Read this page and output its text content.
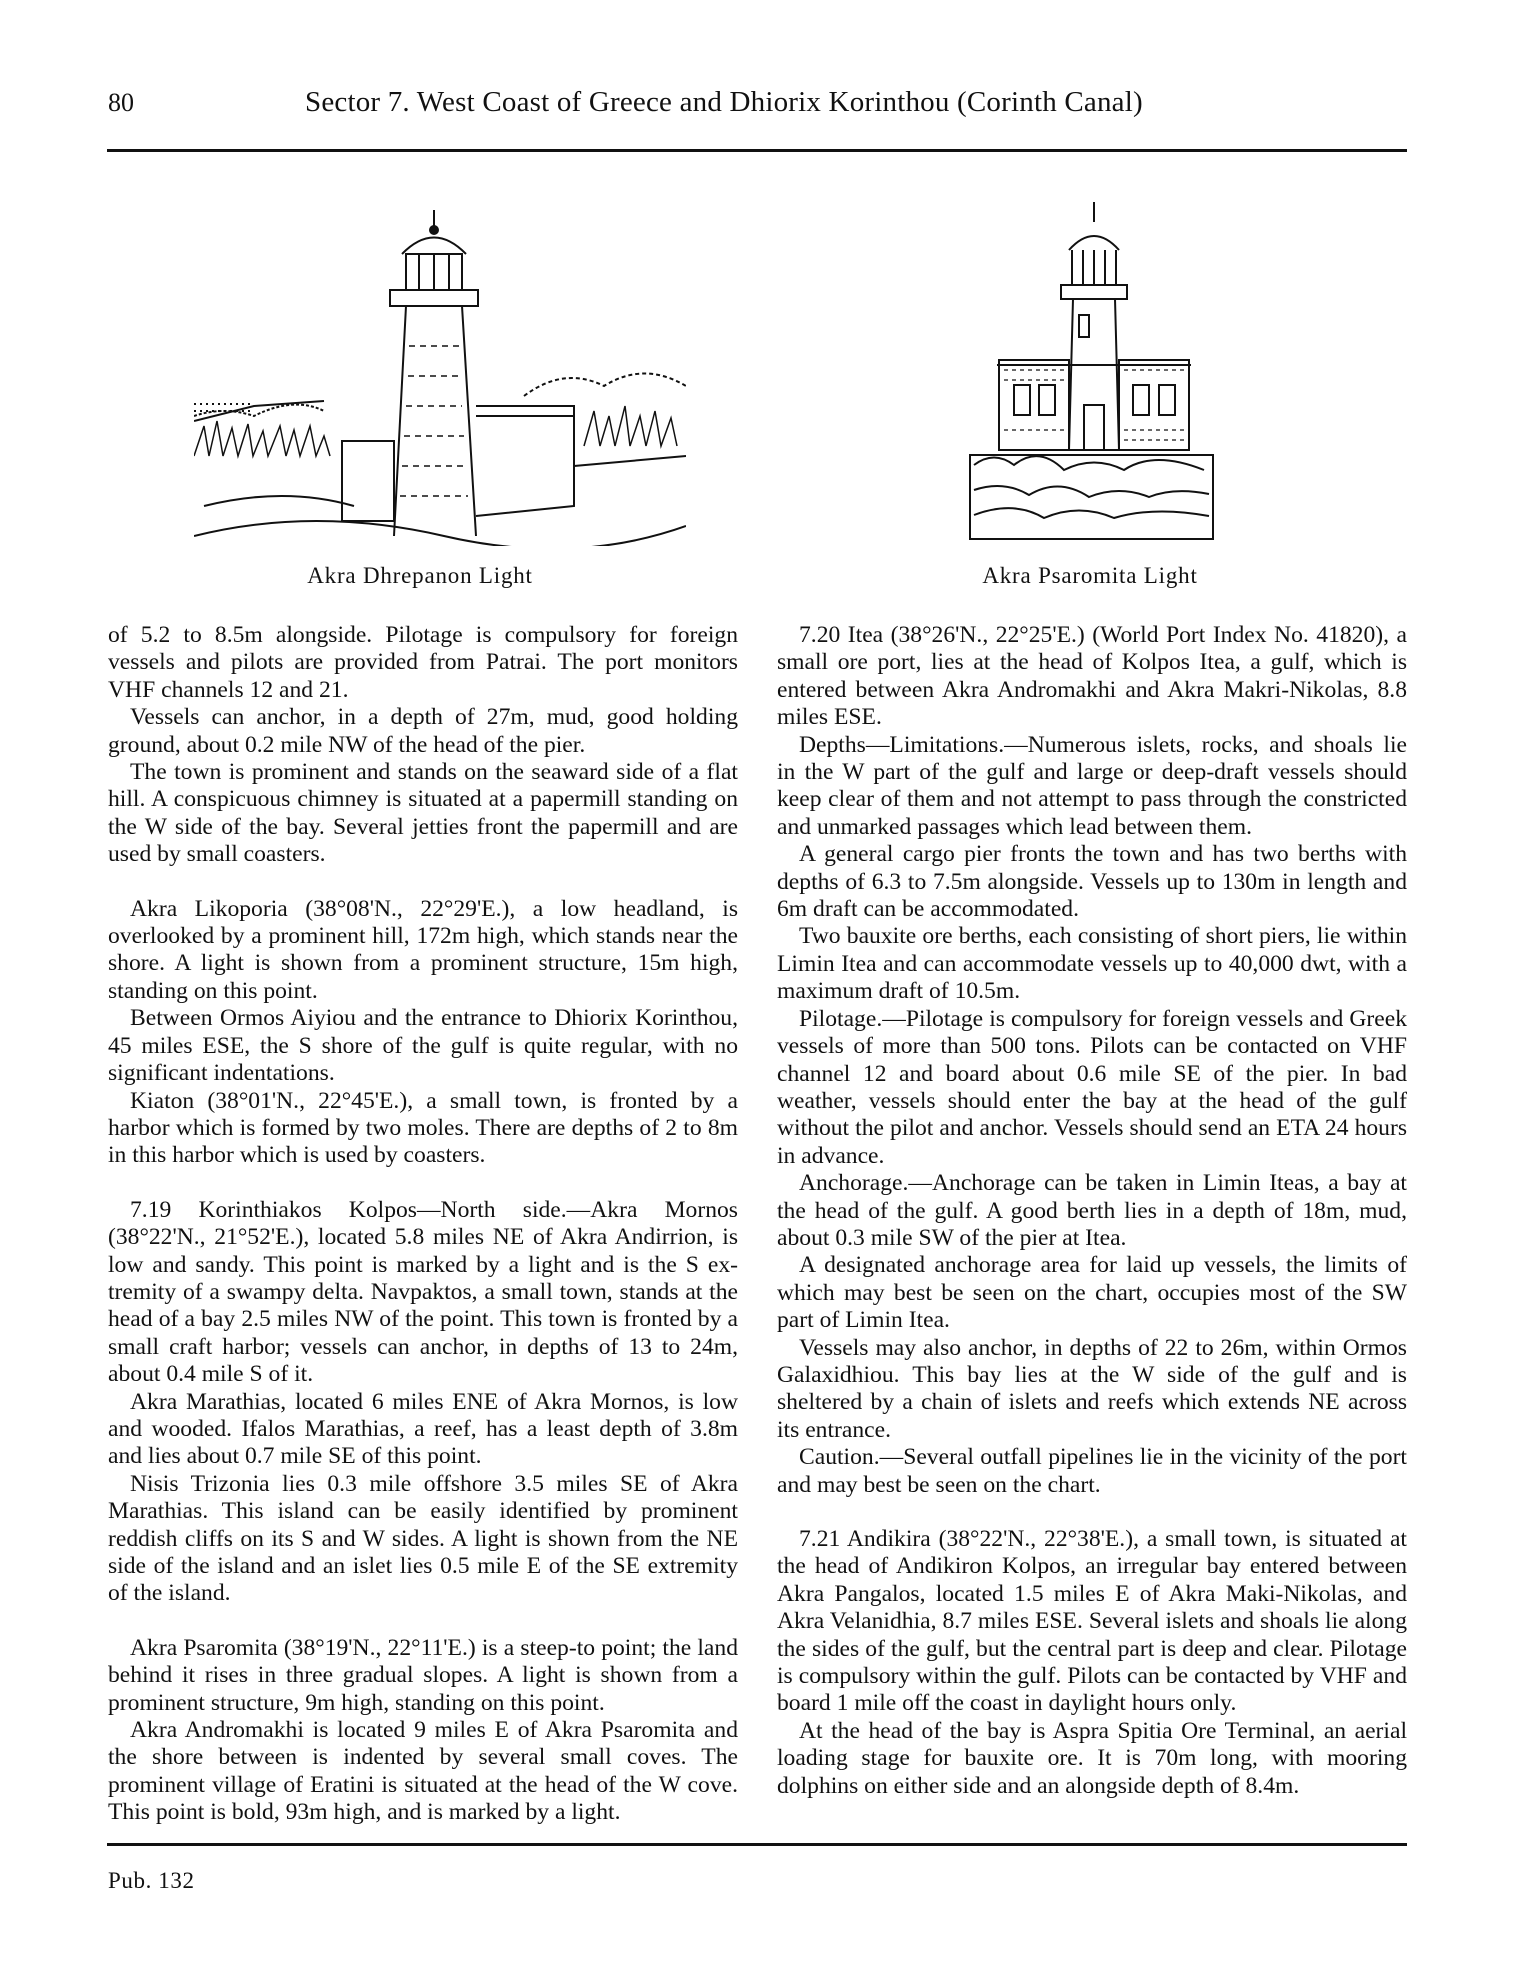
80	Sector 7. West Coast of Greece and Dhiorix Korinthou (Corinth Canal)
Akra Dhrepanon Light	Akra Psaromita Light

of 5.2 to 8.5m alongside. Pilotage is compulsory for foreign vessels and pilots are provided from Patrai. The port monitors VHF channels 12 and 21.

Vessels can anchor, in a depth of 27m, mud, good holding ground, about 0.2 mile NW of the head of the pier.

The town is prominent and stands on the seaward side of a flat hill. A conspicuous chimney is situated at a papermill standing on the W side of the bay. Several jetties front the papermill and are used by small coasters.

Akra Likoporia (38°08'N., 22°29'E.), a low headland, is overlooked by a prominent hill, 172m high, which stands near the shore. A light is shown from a prominent structure, 15m high, standing on this point.

Between Ormos Aiyiou and the entrance to Dhiorix Korinthou, 45 miles ESE, the S shore of the gulf is quite regular, with no significant indentations.

Kiaton (38°01'N., 22°45'E.), a small town, is fronted by a harbor which is formed by two moles. There are depths of 2 to 8m in this harbor which is used by coasters.

7.19 Korinthiakos Kolpos—North side.—Akra Mornos (38°22'N., 21°52'E.), located 5.8 miles NE of Akra Andirrion, is low and sandy. This point is marked by a light and is the S ex-tremity of a swampy delta. Navpaktos, a small town, stands at the head of a bay 2.5 miles NW of the point. This town is fronted by a small craft harbor; vessels can anchor, in depths of 13 to 24m, about 0.4 mile S of it.

Akra Marathias, located 6 miles ENE of Akra Mornos, is low and wooded. Ifalos Marathias, a reef, has a least depth of 3.8m and lies about 0.7 mile SE of this point.

Nisis Trizonia lies 0.3 mile offshore 3.5 miles SE of Akra Marathias. This island can be easily identified by prominent reddish cliffs on its S and W sides. A light is shown from the NE side of the island and an islet lies 0.5 mile E of the SE extremity of the island.

Akra Psaromita (38°19'N., 22°11'E.) is a steep-to point; the land behind it rises in three gradual slopes. A light is shown from a prominent structure, 9m high, standing on this point.

Akra Andromakhi is located 9 miles E of Akra Psaromita and the shore between is indented by several small coves. The prominent village of Eratini is situated at the head of the W cove. This point is bold, 93m high, and is marked by a light.

7.20 Itea (38°26'N., 22°25'E.) (World Port Index No. 41820), a small ore port, lies at the head of Kolpos Itea, a gulf, which is entered between Akra Andromakhi and Akra Makri-Nikolas, 8.8 miles ESE.

Depths—Limitations.—Numerous islets, rocks, and shoals lie in the W part of the gulf and large or deep-draft vessels should keep clear of them and not attempt to pass through the constricted and unmarked passages which lead between them.

A general cargo pier fronts the town and has two berths with depths of 6.3 to 7.5m alongside. Vessels up to 130m in length and 6m draft can be accommodated.

Two bauxite ore berths, each consisting of short piers, lie within Limin Itea and can accommodate vessels up to 40,000 dwt, with a maximum draft of 10.5m.

Pilotage.—Pilotage is compulsory for foreign vessels and Greek vessels of more than 500 tons. Pilots can be contacted on VHF channel 12 and board about 0.6 mile SE of the pier. In bad weather, vessels should enter the bay at the head of the gulf without the pilot and anchor. Vessels should send an ETA 24 hours in advance.

Anchorage.—Anchorage can be taken in Limin Iteas, a bay at the head of the gulf. A good berth lies in a depth of 18m, mud, about 0.3 mile SW of the pier at Itea.

A designated anchorage area for laid up vessels, the limits of which may best be seen on the chart, occupies most of the SW part of Limin Itea.

Vessels may also anchor, in depths of 22 to 26m, within Ormos Galaxidhiou. This bay lies at the W side of the gulf and is sheltered by a chain of islets and reefs which extends NE across its entrance.

Caution.—Several outfall pipelines lie in the vicinity of the port and may best be seen on the chart.

7.21 Andikira (38°22'N., 22°38'E.), a small town, is situated at the head of Andikiron Kolpos, an irregular bay entered between Akra Pangalos, located 1.5 miles E of Akra Maki-Nikolas, and Akra Velanidhia, 8.7 miles ESE. Several islets and shoals lie along the sides of the gulf, but the central part is deep and clear. Pilotage is compulsory within the gulf. Pilots can be contacted by VHF and board 1 mile off the coast in daylight hours only.

At the head of the bay is Aspra Spitia Ore Terminal, an aerial loading stage for bauxite ore. It is 70m long, with mooring dolphins on either side and an alongside depth of 8.4m.

Pub. 132
